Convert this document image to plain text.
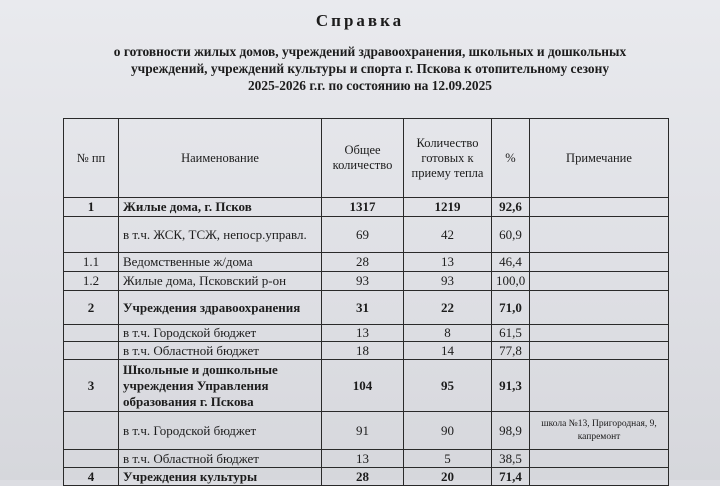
Справка
о готовности жилых домов, учреждений здравоохранения, школьных и дошкольных
учреждений, учреждений культуры и спорта г. Пскова к отопительному сезону
2025-2026 г.г. по состоянию на 12.09.2025
№ пп	Наименование	Общее количество	Количество готовых к приему тепла	%	Примечание
1	Жилые дома, г. Псков	1317	1219	92,6	
	в т.ч. ЖСК, ТСЖ, непоср.управл.	69	42	60,9	
1.1	Ведомственные ж/дома	28	13	46,4	
1.2	Жилые дома, Псковский р-он	93	93	100,0	
2	Учреждения здравоохранения	31	22	71,0	
	в т.ч. Городской бюджет	13	8	61,5	
	в т.ч. Областной бюджет	18	14	77,8	
3	Школьные и дошкольные учреждения Управления образования г. Пскова	104	95	91,3	
	в т.ч. Городской бюджет	91	90	98,9	школа №13, Пригородная, 9, капремонт
	в т.ч. Областной бюджет	13	5	38,5	
4	Учреждения культуры	28	20	71,4	
